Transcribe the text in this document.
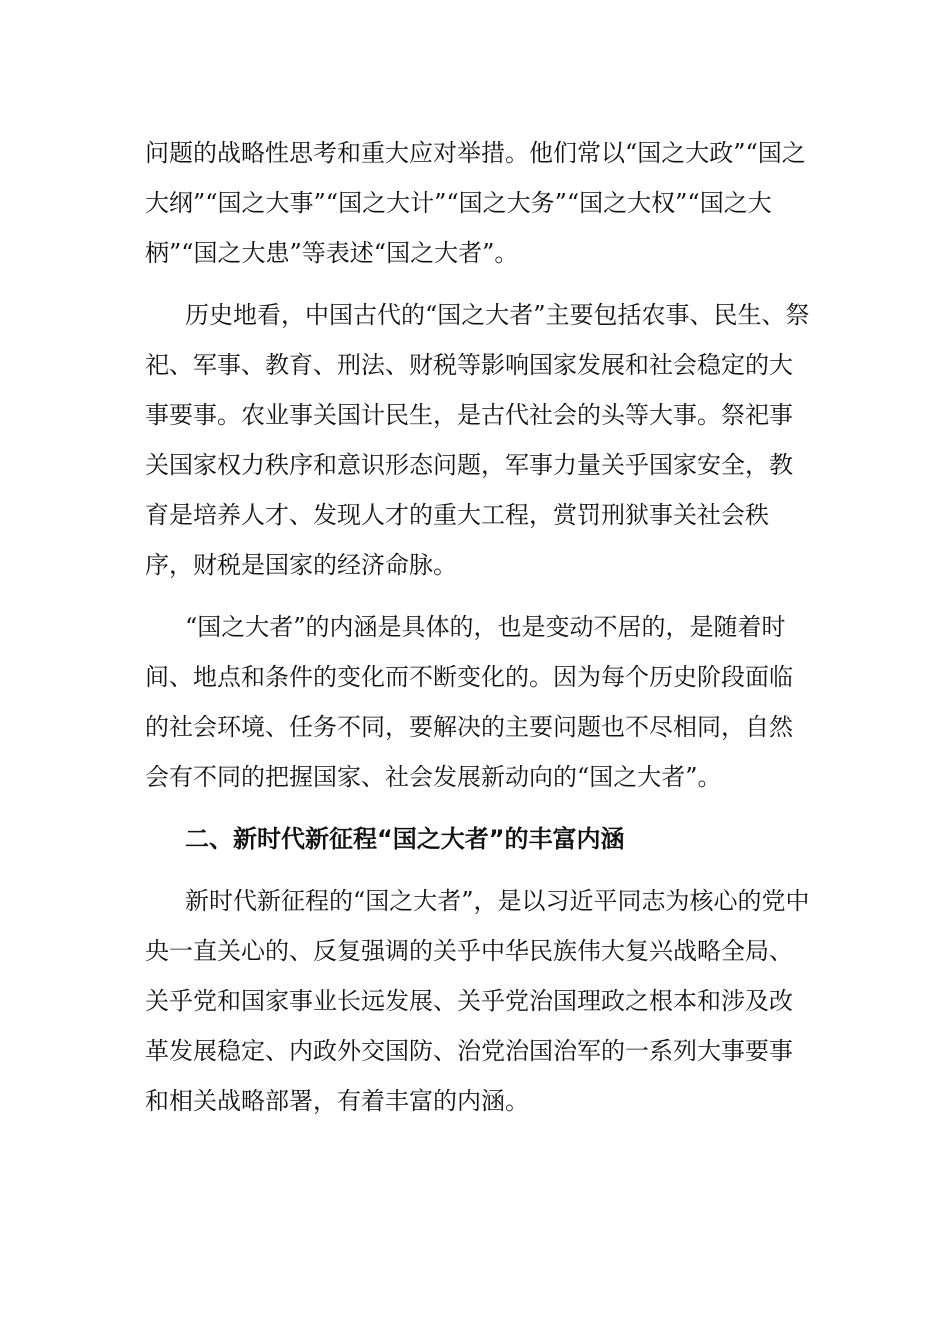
问题的战略性思考和重大应对举措。他们常以“国之大政”“国之大纲”“国之大事”“国之大计”“国之大务”“国之大权”“国之大柄”“国之大患”等表述“国之大者”。

历史地看，中国古代的“国之大者”主要包括农事、民生、祭祀、军事、教育、刑法、财税等影响国家发展和社会稳定的大事要事。农业事关国计民生，是古代社会的头等大事。祭祀事关国家权力秩序和意识形态问题，军事力量关乎国家安全，教育是培养人才、发现人才的重大工程，赏罚刑狱事关社会秩序，财税是国家的经济命脉。

“国之大者”的内涵是具体的，也是变动不居的，是随着时间、地点和条件的变化而不断变化的。因为每个历史阶段面临的社会环境、任务不同，要解决的主要问题也不尽相同，自然会有不同的把握国家、社会发展新动向的“国之大者”。

二、新时代新征程“国之大者”的丰富内涵

新时代新征程的“国之大者”，是以习近平同志为核心的党中央一直关心的、反复强调的关乎中华民族伟大复兴战略全局、关乎党和国家事业长远发展、关乎党治国理政之根本和涉及改革发展稳定、内政外交国防、治党治国治军的一系列大事要事和相关战略部署，有着丰富的内涵。
